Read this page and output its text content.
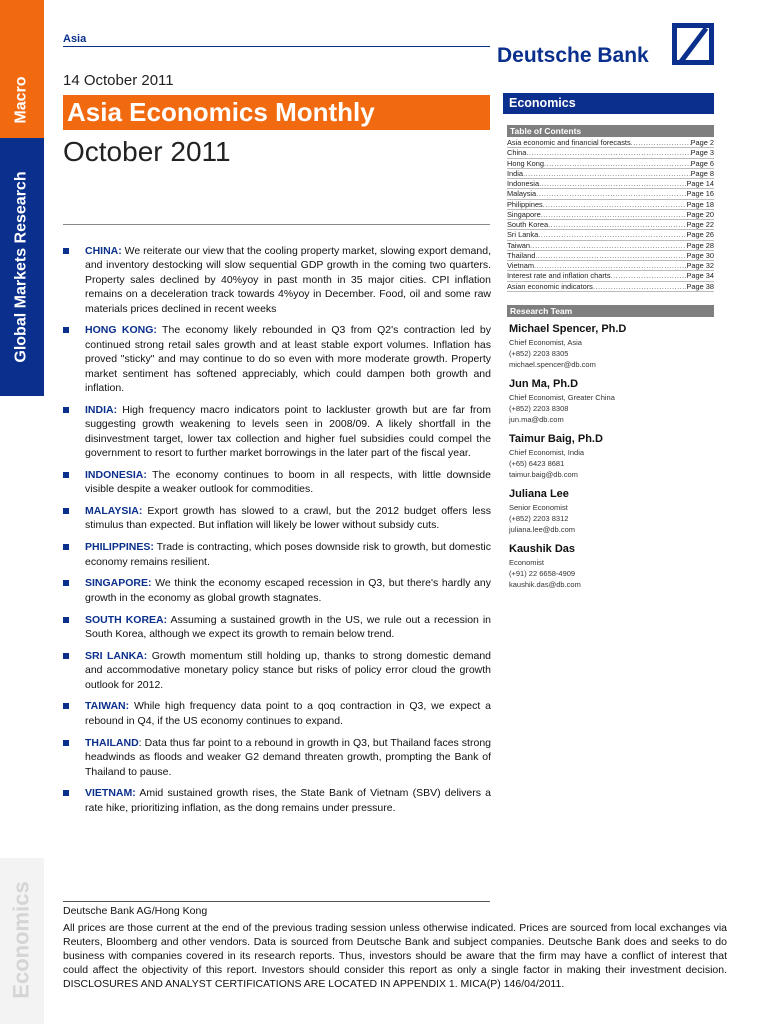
Macro
Global Markets Research
Economics
Asia
14 October 2011
Asia Economics Monthly
October 2011
Deutsche Bank
CHINA: We reiterate our view that the cooling property market, slowing export demand, and inventory destocking will slow sequential GDP growth in the coming two quarters. Property sales declined by 40%yoy in past month in 35 major cities. CPI inflation remains on a deceleration track towards 4%yoy in December. Food, oil and some raw materials prices declined in recent weeks
HONG KONG: The economy likely rebounded in Q3 from Q2's contraction led by continued strong retail sales growth and at least stable export volumes. Inflation has proved "sticky" and may continue to do so even with more moderate growth. Property market sentiment has softened appreciably, which could dampen both growth and inflation.
INDIA: High frequency macro indicators point to lackluster growth but are far from suggesting growth weakening to levels seen in 2008/09. A likely shortfall in the disinvestment target, lower tax collection and higher fuel subsidies could compel the government to resort to further market borrowings in the later part of the fiscal year.
INDONESIA: The economy continues to boom in all respects, with little downside visible despite a weaker outlook for commodities.
MALAYSIA: Export growth has slowed to a crawl, but the 2012 budget offers less stimulus than expected. But inflation will likely be lower without subsidy cuts.
PHILIPPINES: Trade is contracting, which poses downside risk to growth, but domestic economy remains resilient.
SINGAPORE: We think the economy escaped recession in Q3, but there's hardly any growth in the economy as global growth stagnates.
SOUTH KOREA: Assuming a sustained growth in the US, we rule out a recession in South Korea, although we expect its growth to remain below trend.
SRI LANKA: Growth momentum still holding up, thanks to strong domestic demand and accommodative monetary policy stance but risks of policy error cloud the growth outlook for 2012.
TAIWAN: While high frequency data point to a qoq contraction in Q3, we expect a rebound in Q4, if the US economy continues to expand.
THAILAND: Data thus far point to a rebound in growth in Q3, but Thailand faces strong headwinds as floods and weaker G2 demand threaten growth, prompting the Bank of Thailand to pause.
VIETNAM: Amid sustained growth rises, the State Bank of Vietnam (SBV) delivers a rate hike, prioritizing inflation, as the dong remains under pressure.
Economics
Table of Contents
Asia economic and financial forecasts .....	Page 2
China .....	Page 3
Hong Kong .....	Page 6
India .....	Page 8
Indonesia .....	Page 14
Malaysia .....	Page 16
Philippines .....	Page 18
Singapore .....	Page 20
South Korea .....	Page 22
Sri Lanka .....	Page 26
Taiwan .....	Page 28
Thailand .....	Page 30
Vietnam .....	Page 32
Interest rate and inflation charts .....	Page 34
Asian economic indicators .....	Page 38
Research Team
Michael Spencer, Ph.D
Chief Economist, Asia
(+852) 2203 8305
michael.spencer@db.com
Jun Ma, Ph.D
Chief Economist, Greater China
(+852) 2203 8308
jun.ma@db.com
Taimur Baig, Ph.D
Chief Economist, India
(+65) 6423 8681
taimur.baig@db.com
Juliana Lee
Senior Economist
(+852) 2203 8312
juliana.lee@db.com
Kaushik Das
Economist
(+91) 22 6658-4909
kaushik.das@db.com
Deutsche Bank AG/Hong Kong
All prices are those current at the end of the previous trading session unless otherwise indicated. Prices are sourced from local exchanges via Reuters, Bloomberg and other vendors. Data is sourced from Deutsche Bank and subject companies. Deutsche Bank does and seeks to do business with companies covered in its research reports. Thus, investors should be aware that the firm may have a conflict of interest that could affect the objectivity of this report. Investors should consider this report as only a single factor in making their investment decision. DISCLOSURES AND ANALYST CERTIFICATIONS ARE LOCATED IN APPENDIX 1. MICA(P) 146/04/2011.
